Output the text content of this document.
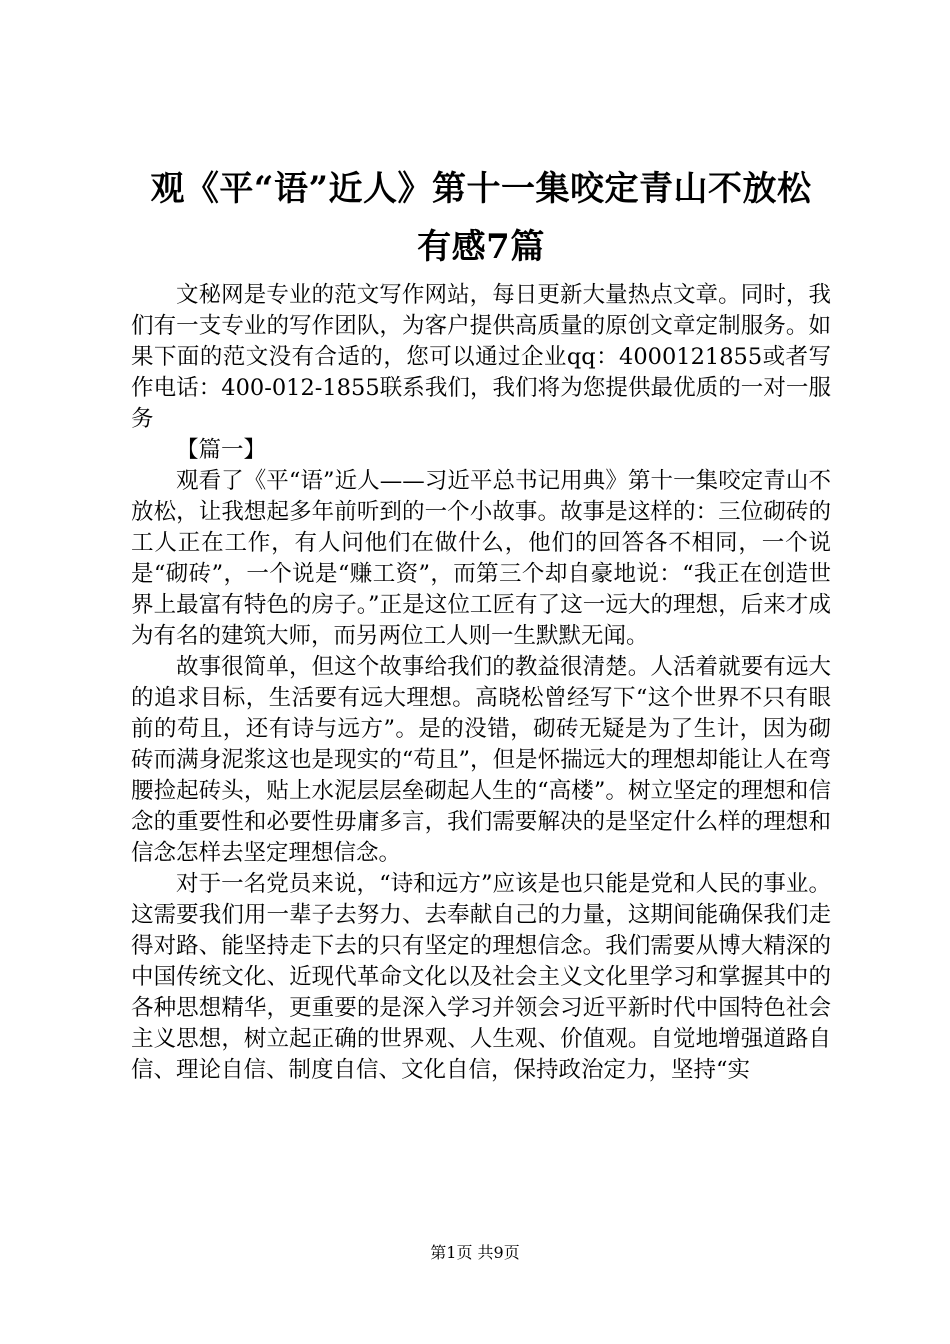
观《平“语”近人》第十一集咬定青山不放松
有感7篇

文秘网是专业的范文写作网站，每日更新大量热点文章。同时，我们有一支专业的写作团队，为客户提供高质量的原创文章定制服务。如果下面的范文没有合适的，您可以通过企业qq：4000121855或者写作电话：400-012-1855联系我们，我们将为您提供最优质的一对一服务

【篇一】

观看了《平“语”近人——习近平总书记用典》第十一集咬定青山不放松，让我想起多年前听到的一个小故事。故事是这样的：三位砌砖的工人正在工作，有人问他们在做什么，他们的回答各不相同，一个说是“砌砖”，一个说是“赚工资”，而第三个却自豪地说：“我正在创造世界上最富有特色的房子。”正是这位工匠有了这一远大的理想，后来才成为有名的建筑大师，而另两位工人则一生默默无闻。

故事很简单，但这个故事给我们的教益很清楚。人活着就要有远大的追求目标，生活要有远大理想。高晓松曾经写下“这个世界不只有眼前的苟且，还有诗与远方”。是的没错，砌砖无疑是为了生计，因为砌砖而满身泥浆这也是现实的“苟且”，但是怀揣远大的理想却能让人在弯腰捡起砖头，贴上水泥层层垒砌起人生的“高楼”。树立坚定的理想和信念的重要性和必要性毋庸多言，我们需要解决的是坚定什么样的理想和信念怎样去坚定理想信念。

对于一名党员来说，“诗和远方”应该是也只能是党和人民的事业。这需要我们用一辈子去努力、去奉献自己的力量，这期间能确保我们走得对路、能坚持走下去的只有坚定的理想信念。我们需要从博大精深的中国传统文化、近现代革命文化以及社会主义文化里学习和掌握其中的各种思想精华，更重要的是深入学习并领会习近平新时代中国特色社会主义思想，树立起正确的世界观、人生观、价值观。自觉地增强道路自信、理论自信、制度自信、文化自信，保持政治定力，坚持“实

第1页 共9页
